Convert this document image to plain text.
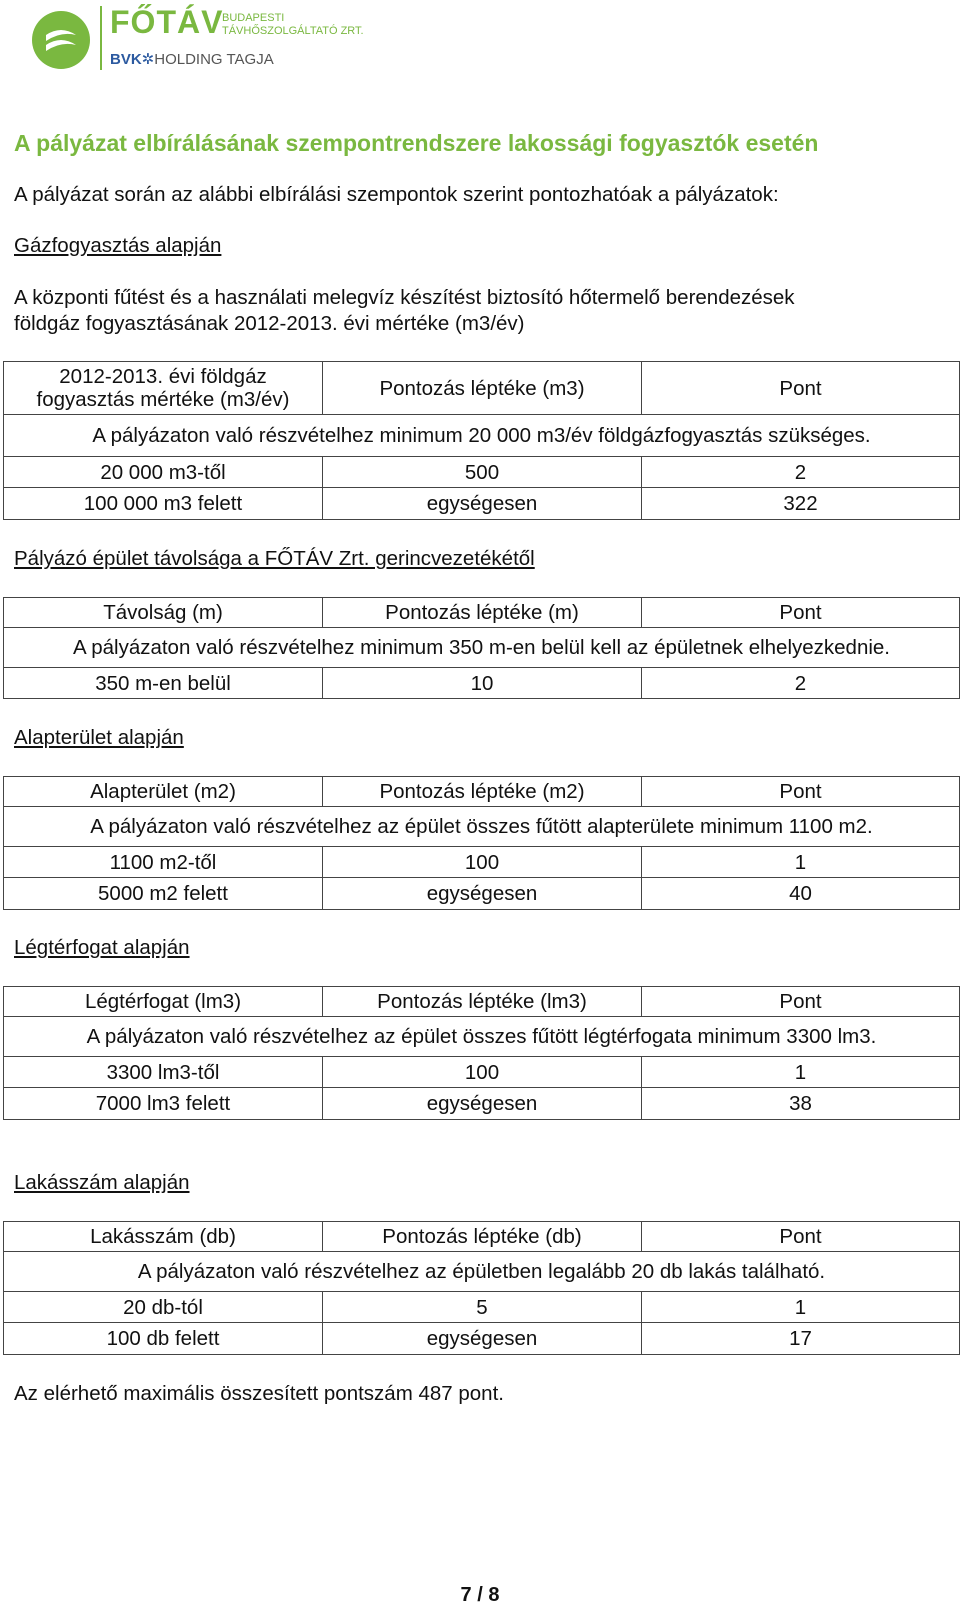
FŐTÁV
BUDAPESTI
TÁVHŐSZOLGÁLTATÓ ZRT.
BVK✲HOLDING TAGJA
A pályázat elbírálásának szempontrendszere lakossági fogyasztók esetén
A pályázat során az alábbi elbírálási szempontok szerint pontozhatóak a pályázatok:
Gázfogyasztás alapján
A központi fűtést és a használati melegvíz készítést biztosító hőtermelő berendezések
földgáz fogyasztásának 2012-2013. évi mértéke (m3/év)
2012-2013. évi földgáz
fogyasztás mértéke (m3/év)	Pontozás léptéke (m3)	Pont
A pályázaton való részvételhez minimum 20 000 m3/év földgázfogyasztás szükséges.		
20 000 m3-től	500	2
100 000 m3 felett	egységesen	322
Pályázó épület távolsága a FŐTÁV Zrt. gerincvezetékétől
Távolság (m)	Pontozás léptéke (m)	Pont
A pályázaton való részvételhez minimum 350 m-en belül kell az épületnek elhelyezkednie.		
350 m-en belül	10	2
Alapterület alapján
Alapterület (m2)	Pontozás léptéke (m2)	Pont
A pályázaton való részvételhez az épület összes fűtött alapterülete minimum 1100 m2.		
1100 m2-től	100	1
5000 m2 felett	egységesen	40
Légtérfogat alapján
Légtérfogat (lm3)	Pontozás léptéke (lm3)	Pont
A pályázaton való részvételhez az épület összes fűtött légtérfogata minimum 3300 lm3.		
3300 lm3-től	100	1
7000 lm3 felett	egységesen	38
Lakásszám alapján
Lakásszám (db)	Pontozás léptéke (db)	Pont
A pályázaton való részvételhez az épületben legalább 20 db lakás található.		
20 db-tól	5	1
100 db felett	egységesen	17
Az elérhető maximális összesített pontszám 487 pont.
7 / 8
